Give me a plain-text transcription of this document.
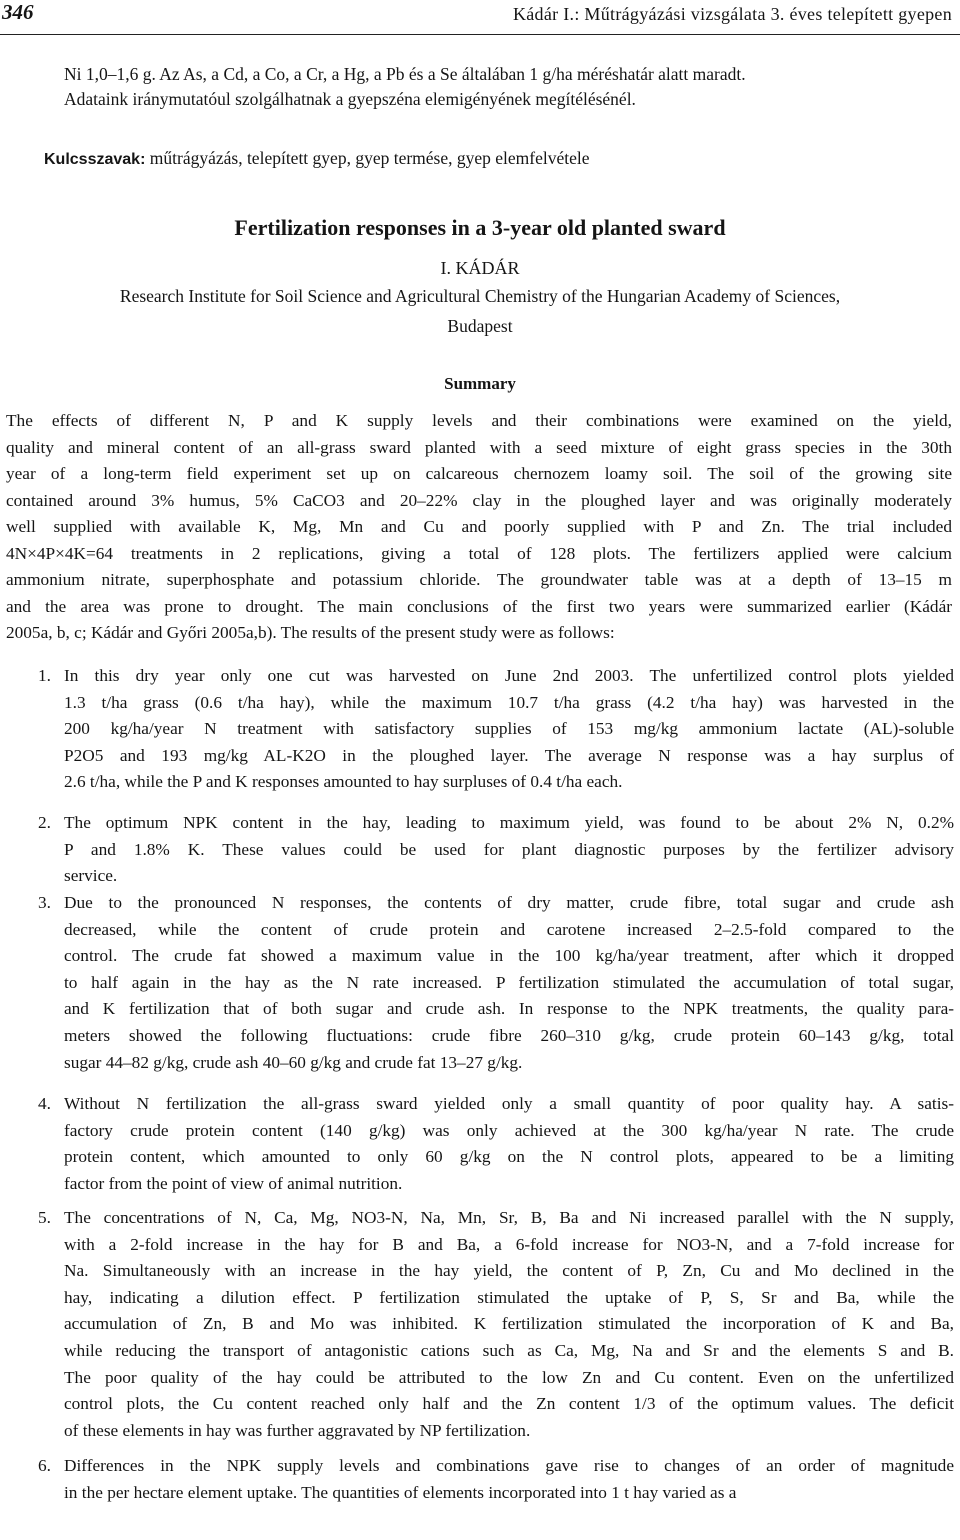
346	Kádár I.: Műtrágyázási vizsgálata 3. éves telepített gyepen
Ni 1,0–1,6 g. Az As, a Cd, a Co, a Cr, a Hg, a Pb és a Se általában 1 g/ha méréshatár alatt maradt.
Adataink iránymutatóul szolgálhatnak a gyepszéna elemigényének megítélésénél.
Kulcsszavak: műtrágyázás, telepített gyep, gyep termése, gyep elemfelvétele
Fertilization responses in a 3-year old planted sward
I. KÁDÁR
Research Institute for Soil Science and Agricultural Chemistry of the Hungarian Academy of Sciences,
Budapest
Summary
The effects of different N, P and K supply levels and their combinations were examined on the yield,
quality and mineral content of an all-grass sward planted with a seed mixture of eight grass species in the 30th
year of a long-term field experiment set up on calcareous chernozem loamy soil. The soil of the growing site
contained around 3% humus, 5% CaCO3 and 20–22% clay in the ploughed layer and was originally moderately
well supplied with available K, Mg, Mn and Cu and poorly supplied with P and Zn. The trial included
4N×4P×4K=64 treatments in 2 replications, giving a total of 128 plots. The fertilizers applied were calcium
ammonium nitrate, superphosphate and potassium chloride. The groundwater table was at a depth of 13–15 m
and the area was prone to drought. The main conclusions of the first two years were summarized earlier (Kádár
2005a, b, c; Kádár and Győri 2005a,b). The results of the present study were as follows:
1. In this dry year only one cut was harvested on June 2nd 2003. The unfertilized control plots yielded
1.3 t/ha grass (0.6 t/ha hay), while the maximum 10.7 t/ha grass (4.2 t/ha hay) was harvested in the
200 kg/ha/year N treatment with satisfactory supplies of 153 mg/kg ammonium lactate (AL)-soluble
P2O5 and 193 mg/kg AL-K2O in the ploughed layer. The average N response was a hay surplus of
2.6 t/ha, while the P and K responses amounted to hay surpluses of 0.4 t/ha each.
2. The optimum NPK content in the hay, leading to maximum yield, was found to be about 2% N, 0.2%
P and 1.8% K. These values could be used for plant diagnostic purposes by the fertilizer advisory
service.
3. Due to the pronounced N responses, the contents of dry matter, crude fibre, total sugar and crude ash
decreased, while the content of crude protein and carotene increased 2–2.5-fold compared to the
control. The crude fat showed a maximum value in the 100 kg/ha/year treatment, after which it dropped
to half again in the hay as the N rate increased. P fertilization stimulated the accumulation of total sugar,
and K fertilization that of both sugar and crude ash. In response to the NPK treatments, the quality para-
meters showed the following fluctuations: crude fibre 260–310 g/kg, crude protein 60–143 g/kg, total
sugar 44–82 g/kg, crude ash 40–60 g/kg and crude fat 13–27 g/kg.
4. Without N fertilization the all-grass sward yielded only a small quantity of poor quality hay. A satis-
factory crude protein content (140 g/kg) was only achieved at the 300 kg/ha/year N rate. The crude
protein content, which amounted to only 60 g/kg on the N control plots, appeared to be a limiting
factor from the point of view of animal nutrition.
5. The concentrations of N, Ca, Mg, NO3-N, Na, Mn, Sr, B, Ba and Ni increased parallel with the N supply,
with a 2-fold increase in the hay for B and Ba, a 6-fold increase for NO3-N, and a 7-fold increase for
Na. Simultaneously with an increase in the hay yield, the content of P, Zn, Cu and Mo declined in the
hay, indicating a dilution effect. P fertilization stimulated the uptake of P, S, Sr and Ba, while the
accumulation of Zn, B and Mo was inhibited. K fertilization stimulated the incorporation of K and Ba,
while reducing the transport of antagonistic cations such as Ca, Mg, Na and Sr and the elements S and B.
The poor quality of the hay could be attributed to the low Zn and Cu content. Even on the unfertilized
control plots, the Cu content reached only half and the Zn content 1/3 of the optimum values. The deficit
of these elements in hay was further aggravated by NP fertilization.
6. Differences in the NPK supply levels and combinations gave rise to changes of an order of magnitude
in the per hectare element uptake. The quantities of elements incorporated into 1 t hay varied as a
